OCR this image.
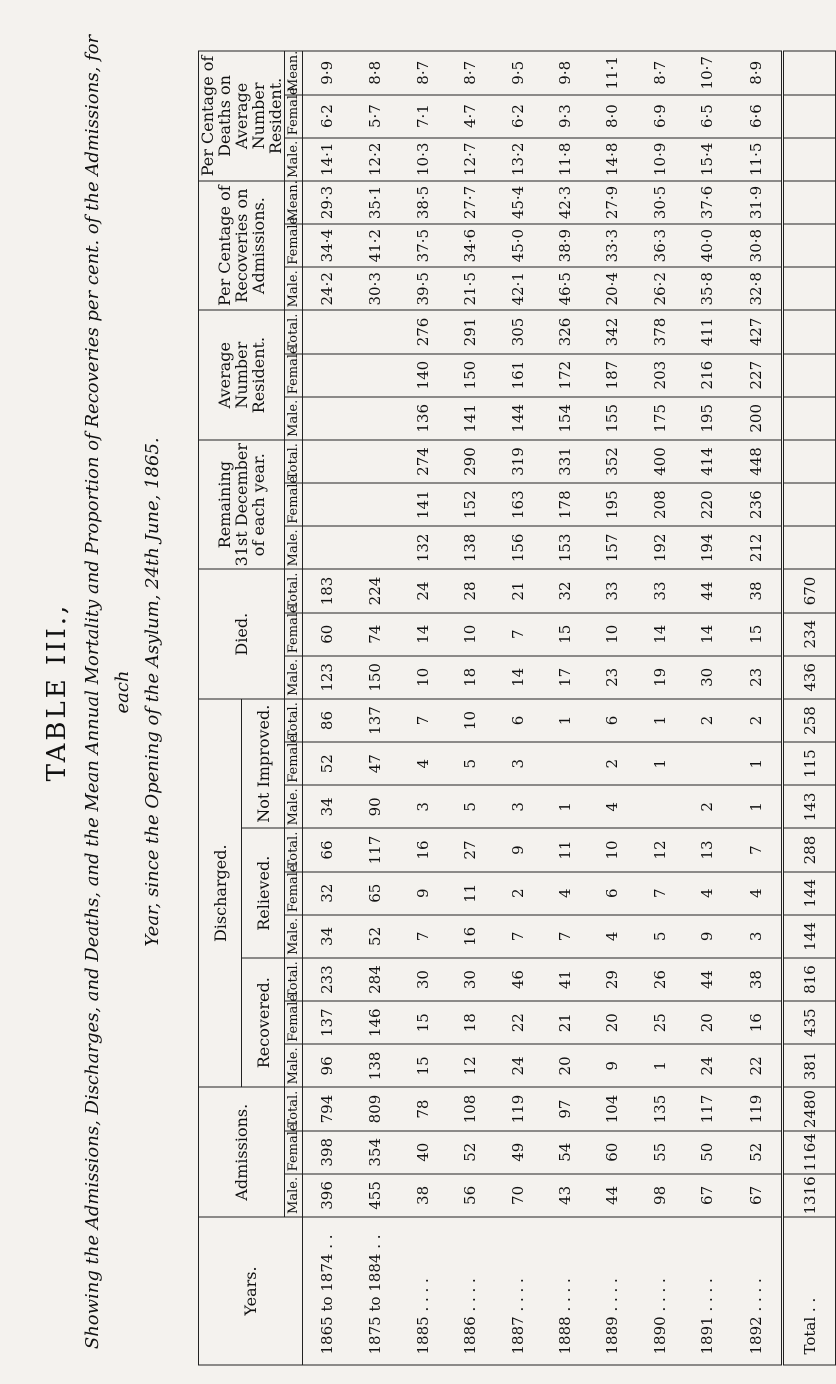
TABLE III., Showing the Admissions, Discharges, and Deaths, and the Mean Annual Mortality and Proportion of Recoveries per cent. of the Admissions, for each Year, since the Opening of the Asylum, 24th June, 1865.
Years.	Admissions.			Discharged.									Died.			Remaining 31st December of each year.			Average Number Resident.			Per Centage of Recoveries on Admissions.			Per Centage of Deaths on Average Number Resident.		
				Recovered.			Relieved.			Not Improved.																	
	Male.	Female.	Total.	Male.	Female.	Total.	Male.	Female.	Total.	Male.	Female.	Total.	Male.	Female.	Total.	Male.	Female.	Total.	Male.	Female.	Total.	Male.	Female.	Mean.	Male.	Female.	Mean.
1865 to 1874 . .	396	398	794	96	137	233	34	32	66	34	52	86	123	60	183							24·2	34·4	29·3	14·1	6·2	9·9
1875 to 1884 . .	455	354	809	138	146	284	52	65	117	90	47	137	150	74	224							30·3	41·2	35·1	12·2	5·7	8·8
1885 . . . .	38	40	78	15	15	30	7	9	16	3	4	7	10	14	24	132	141	274	136	140	276	39·5	37·5	38·5	10·3	7·1	8·7
1886 . . . .	56	52	108	12	18	30	16	11	27	5	5	10	18	10	28	138	152	290	141	150	291	21·5	34·6	27·7	12·7	4·7	8·7
1887 . . . .	70	49	119	24	22	46	7	2	9	3	3	6	14	7	21	156	163	319	144	161	305	42·1	45·0	45·4	13·2	6·2	9·5
1888 . . . .	43	54	97	20	21	41	7	4	11	1		1	17	15	32	153	178	331	154	172	326	46·5	38·9	42·3	11·8	9·3	9·8
1889 . . . .	44	60	104	9	20	29	4	6	10	4	2	6	23	10	33	157	195	352	155	187	342	20·4	33·3	27·9	14·8	8·0	11·1
1890 . . . .	98	55	135	1	25	26	5	7	12		1	1	19	14	33	192	208	400	175	203	378	26·2	36·3	30·5	10·9	6·9	8·7
1891 . . . .	67	50	117	24	20	44	9	4	13	2		2	30	14	44	194	220	414	195	216	411	35·8	40·0	37·6	15·4	6·5	10·7
1892 . . . .	67	52	119	22	16	38	3	4	7	1	1	2	23	15	38	212	236	448	200	227	427	32·8	30·8	31·9	11·5	6·6	8·9
Total . .	1316	1164	2480	381	435	816	144	144	288	143	115	258	436	234	670												
